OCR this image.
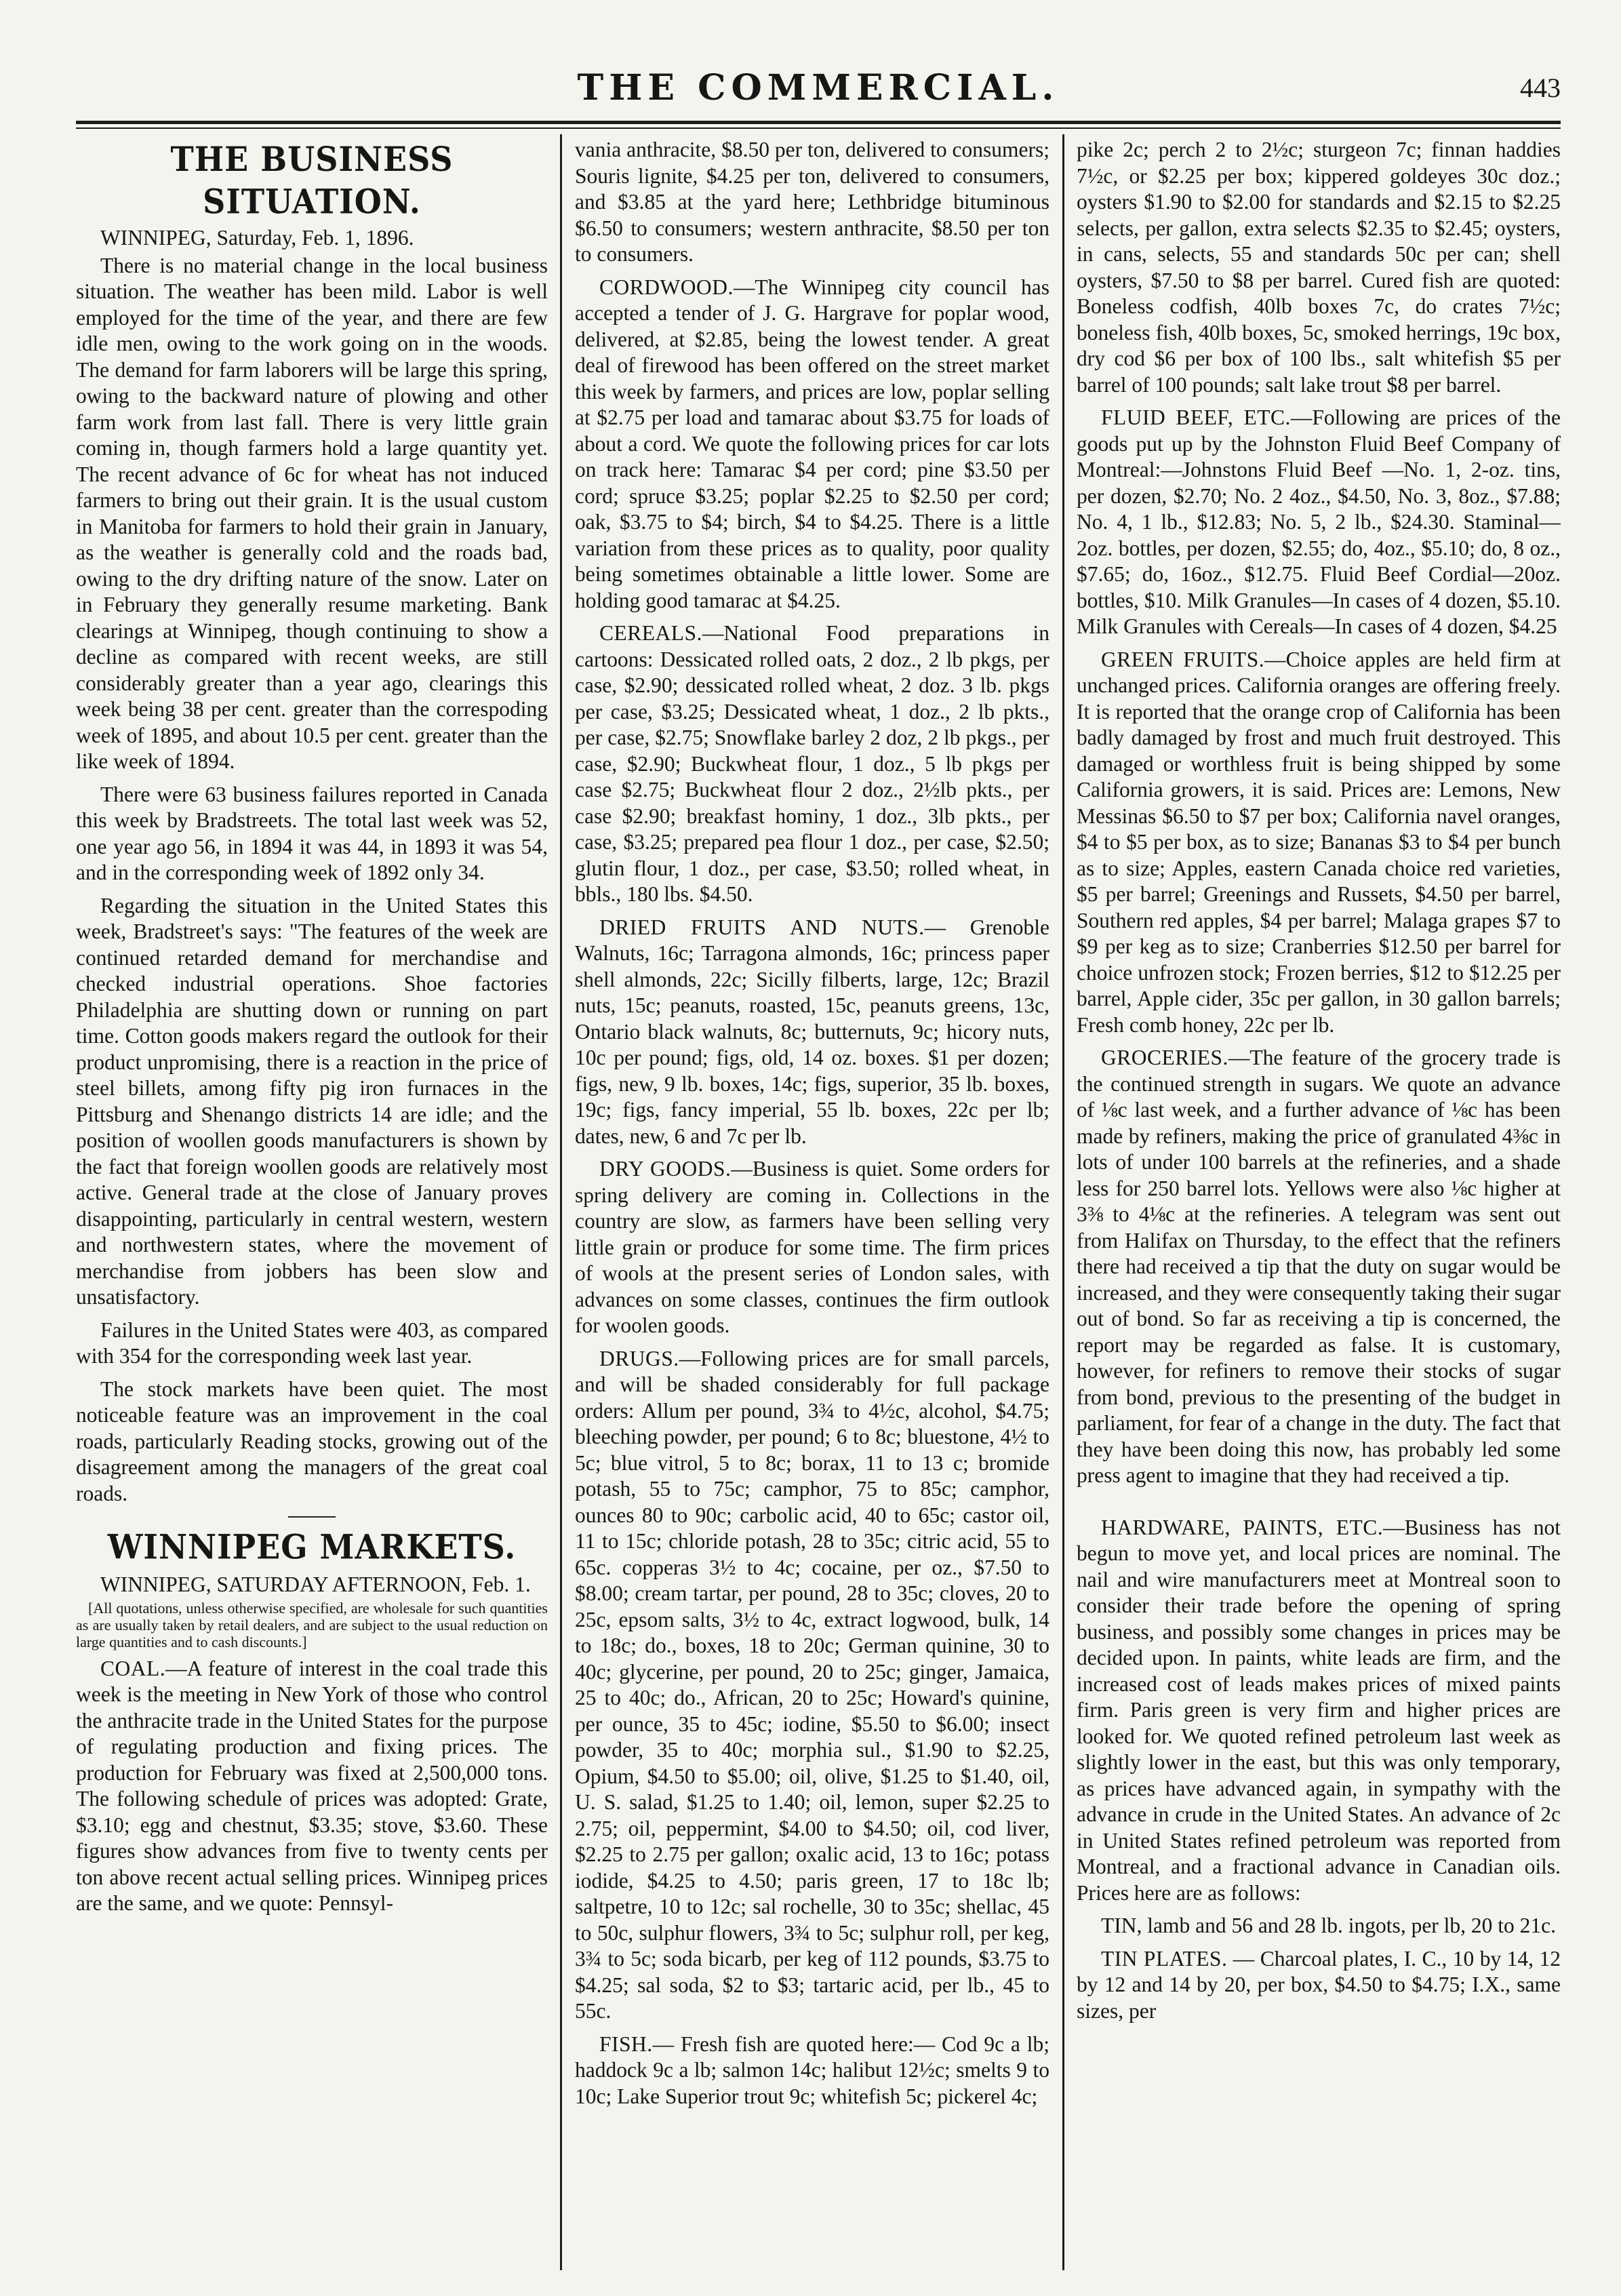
THE COMMERCIAL.	443
THE BUSINESS SITUATION.

WINNIPEG, Saturday, Feb. 1, 1896.

There is no material change in the local business situation. The weather has been mild. Labor is well employed for the time of the year, and there are few idle men, owing to the work going on in the woods. The demand for farm laborers will be large this spring, owing to the backward nature of plowing and other farm work from last fall. There is very little grain coming in, though farmers hold a large quantity yet. The recent advance of 6c for wheat has not induced farmers to bring out their grain. It is the usual custom in Manitoba for farmers to hold their grain in January, as the weather is generally cold and the roads bad, owing to the dry drifting nature of the snow. Later on in February they generally resume marketing. Bank clearings at Winnipeg, though continuing to show a decline as compared with recent weeks, are still considerably greater than a year ago, clearings this week being 38 per cent. greater than the correspoding week of 1895, and about 10.5 per cent. greater than the like week of 1894.

There were 63 business failures reported in Canada this week by Bradstreets. The total last week was 52, one year ago 56, in 1894 it was 44, in 1893 it was 54, and in the corresponding week of 1892 only 34.

Regarding the situation in the United States this week, Bradstreet's says: "The features of the week are continued retarded demand for merchandise and checked industrial operations. Shoe factories Philadelphia are shutting down or running on part time. Cotton goods makers regard the outlook for their product unpromising, there is a reaction in the price of steel billets, among fifty pig iron furnaces in the Pittsburg and Shenango districts 14 are idle; and the position of woollen goods manufacturers is shown by the fact that foreign woollen goods are relatively most active. General trade at the close of January proves disappointing, particularly in central western, western and northwestern states, where the movement of merchandise from jobbers has been slow and unsatisfactory.

Failures in the United States were 403, as compared with 354 for the corresponding week last year.

The stock markets have been quiet. The most noticeable feature was an improvement in the coal roads, particularly Reading stocks, growing out of the disagreement among the managers of the great coal roads.

WINNIPEG MARKETS.

WINNIPEG, SATURDAY AFTERNOON, Feb. 1.

[All quotations, unless otherwise specified, are wholesale for such quantities as are usually taken by retail dealers, and are subject to the usual reduction on large quantities and to cash discounts.]

COAL.—A feature of interest in the coal trade this week is the meeting in New York of those who control the anthracite trade in the United States for the purpose of regulating production and fixing prices. The production for February was fixed at 2,500,000 tons. The following schedule of prices was adopted: Grate, $3.10; egg and chestnut, $3.35; stove, $3.60. These figures show advances from five to twenty cents per ton above recent actual selling prices. Winnipeg prices are the same, and we quote: Pennsyl-

vania anthracite, $8.50 per ton, delivered to consumers; Souris lignite, $4.25 per ton, delivered to consumers, and $3.85 at the yard here; Lethbridge bituminous $6.50 to consumers; western anthracite, $8.50 per ton to consumers.

CORDWOOD.—The Winnipeg city council has accepted a tender of J. G. Hargrave for poplar wood, delivered, at $2.85, being the lowest tender. A great deal of firewood has been offered on the street market this week by farmers, and prices are low, poplar selling at $2.75 per load and tamarac about $3.75 for loads of about a cord. We quote the following prices for car lots on track here: Tamarac $4 per cord; pine $3.50 per cord; spruce $3.25; poplar $2.25 to $2.50 per cord; oak, $3.75 to $4; birch, $4 to $4.25. There is a little variation from these prices as to quality, poor quality being sometimes obtainable a little lower. Some are holding good tamarac at $4.25.

CEREALS.—National Food preparations in cartoons: Dessicated rolled oats, 2 doz., 2 lb pkgs, per case, $2.90; dessicated rolled wheat, 2 doz. 3 lb. pkgs per case, $3.25; Dessicated wheat, 1 doz., 2 lb pkts., per case, $2.75; Snowflake barley 2 doz, 2 lb pkgs., per case, $2.90; Buckwheat flour, 1 doz., 5 lb pkgs per case $2.75; Buckwheat flour 2 doz., 2½lb pkts., per case $2.90; breakfast hominy, 1 doz., 3lb pkts., per case, $3.25; prepared pea flour 1 doz., per case, $2.50; glutin flour, 1 doz., per case, $3.50; rolled wheat, in bbls., 180 lbs. $4.50.

DRIED FRUITS AND NUTS.— Grenoble Walnuts, 16c; Tarragona almonds, 16c; princess paper shell almonds, 22c; Sicilly filberts, large, 12c; Brazil nuts, 15c; peanuts, roasted, 15c, peanuts greens, 13c, Ontario black walnuts, 8c; butternuts, 9c; hicory nuts, 10c per pound; figs, old, 14 oz. boxes. $1 per dozen; figs, new, 9 lb. boxes, 14c; figs, superior, 35 lb. boxes, 19c; figs, fancy imperial, 55 lb. boxes, 22c per lb; dates, new, 6 and 7c per lb.

DRY GOODS.—Business is quiet. Some orders for spring delivery are coming in. Collections in the country are slow, as farmers have been selling very little grain or produce for some time. The firm prices of wools at the present series of London sales, with advances on some classes, continues the firm outlook for woolen goods.

DRUGS.—Following prices are for small parcels, and will be shaded considerably for full package orders: Allum per pound, 3¾ to 4½c, alcohol, $4.75; bleeching powder, per pound; 6 to 8c; bluestone, 4½ to 5c; blue vitrol, 5 to 8c; borax, 11 to 13 c; bromide potash, 55 to 75c; camphor, 75 to 85c; camphor, ounces 80 to 90c; carbolic acid, 40 to 65c; castor oil, 11 to 15c; chloride potash, 28 to 35c; citric acid, 55 to 65c. copperas 3½ to 4c; cocaine, per oz., $7.50 to $8.00; cream tartar, per pound, 28 to 35c; cloves, 20 to 25c, epsom salts, 3½ to 4c, extract logwood, bulk, 14 to 18c; do., boxes, 18 to 20c; German quinine, 30 to 40c; glycerine, per pound, 20 to 25c; ginger, Jamaica, 25 to 40c; do., African, 20 to 25c; Howard's quinine, per ounce, 35 to 45c; iodine, $5.50 to $6.00; insect powder, 35 to 40c; morphia sul., $1.90 to $2.25, Opium, $4.50 to $5.00; oil, olive, $1.25 to $1.40, oil, U. S. salad, $1.25 to 1.40; oil, lemon, super $2.25 to 2.75; oil, peppermint, $4.00 to $4.50; oil, cod liver, $2.25 to 2.75 per gallon; oxalic acid, 13 to 16c; potass iodide, $4.25 to 4.50; paris green, 17 to 18c lb; saltpetre, 10 to 12c; sal rochelle, 30 to 35c; shellac, 45 to 50c, sulphur flowers, 3¾ to 5c; sulphur roll, per keg, 3¾ to 5c; soda bicarb, per keg of 112 pounds, $3.75 to $4.25; sal soda, $2 to $3; tartaric acid, per lb., 45 to 55c.

FISH.— Fresh fish are quoted here:— Cod 9c a lb; haddock 9c a lb; salmon 14c; halibut 12½c; smelts 9 to 10c; Lake Superior trout 9c; whitefish 5c; pickerel 4c;

pike 2c; perch 2 to 2½c; sturgeon 7c; finnan haddies 7½c, or $2.25 per box; kippered goldeyes 30c doz.; oysters $1.90 to $2.00 for standards and $2.15 to $2.25 selects, per gallon, extra selects $2.35 to $2.45; oysters, in cans, selects, 55 and standards 50c per can; shell oysters, $7.50 to $8 per barrel. Cured fish are quoted: Boneless codfish, 40lb boxes 7c, do crates 7½c; boneless fish, 40lb boxes, 5c, smoked herrings, 19c box, dry cod $6 per box of 100 lbs., salt whitefish $5 per barrel of 100 pounds; salt lake trout $8 per barrel.

FLUID BEEF, ETC.—Following are prices of the goods put up by the Johnston Fluid Beef Company of Montreal:—Johnstons Fluid Beef —No. 1, 2-oz. tins, per dozen, $2.70; No. 2 4oz., $4.50, No. 3, 8oz., $7.88; No. 4, 1 lb., $12.83; No. 5, 2 lb., $24.30. Staminal—2oz. bottles, per dozen, $2.55; do, 4oz., $5.10; do, 8 oz., $7.65; do, 16oz., $12.75. Fluid Beef Cordial—20oz. bottles, $10. Milk Granules—In cases of 4 dozen, $5.10. Milk Granules with Cereals—In cases of 4 dozen, $4.25

GREEN FRUITS.—Choice apples are held firm at unchanged prices. California oranges are offering freely. It is reported that the orange crop of California has been badly damaged by frost and much fruit destroyed. This damaged or worthless fruit is being shipped by some California growers, it is said. Prices are: Lemons, New Messinas $6.50 to $7 per box; California navel oranges, $4 to $5 per box, as to size; Bananas $3 to $4 per bunch as to size; Apples, eastern Canada choice red varieties, $5 per barrel; Greenings and Russets, $4.50 per barrel, Southern red apples, $4 per barrel; Malaga grapes $7 to $9 per keg as to size; Cranberries $12.50 per barrel for choice unfrozen stock; Frozen berries, $12 to $12.25 per barrel, Apple cider, 35c per gallon, in 30 gallon barrels; Fresh comb honey, 22c per lb.

GROCERIES.—The feature of the grocery trade is the continued strength in sugars. We quote an advance of ⅛c last week, and a further advance of ⅛c has been made by refiners, making the price of granulated 4⅜c in lots of under 100 barrels at the refineries, and a shade less for 250 barrel lots. Yellows were also ⅛c higher at 3⅜ to 4⅛c at the refineries. A telegram was sent out from Halifax on Thursday, to the effect that the refiners there had received a tip that the duty on sugar would be increased, and they were consequently taking their sugar out of bond. So far as receiving a tip is concerned, the report may be regarded as false. It is customary, however, for refiners to remove their stocks of sugar from bond, previous to the presenting of the budget in parliament, for fear of a change in the duty. The fact that they have been doing this now, has probably led some press agent to imagine that they had received a tip.

HARDWARE, PAINTS, ETC.—Business has not begun to move yet, and local prices are nominal. The nail and wire manufacturers meet at Montreal soon to consider their trade before the opening of spring business, and possibly some changes in prices may be decided upon. In paints, white leads are firm, and the increased cost of leads makes prices of mixed paints firm. Paris green is very firm and higher prices are looked for. We quoted refined petroleum last week as slightly lower in the east, but this was only temporary, as prices have advanced again, in sympathy with the advance in crude in the United States. An advance of 2c in United States refined petroleum was reported from Montreal, and a fractional advance in Canadian oils. Prices here are as follows:

TIN, lamb and 56 and 28 lb. ingots, per lb, 20 to 21c.

TIN PLATES. — Charcoal plates, I. C., 10 by 14, 12 by 12 and 14 by 20, per box, $4.50 to $4.75; I.X., same sizes, per
